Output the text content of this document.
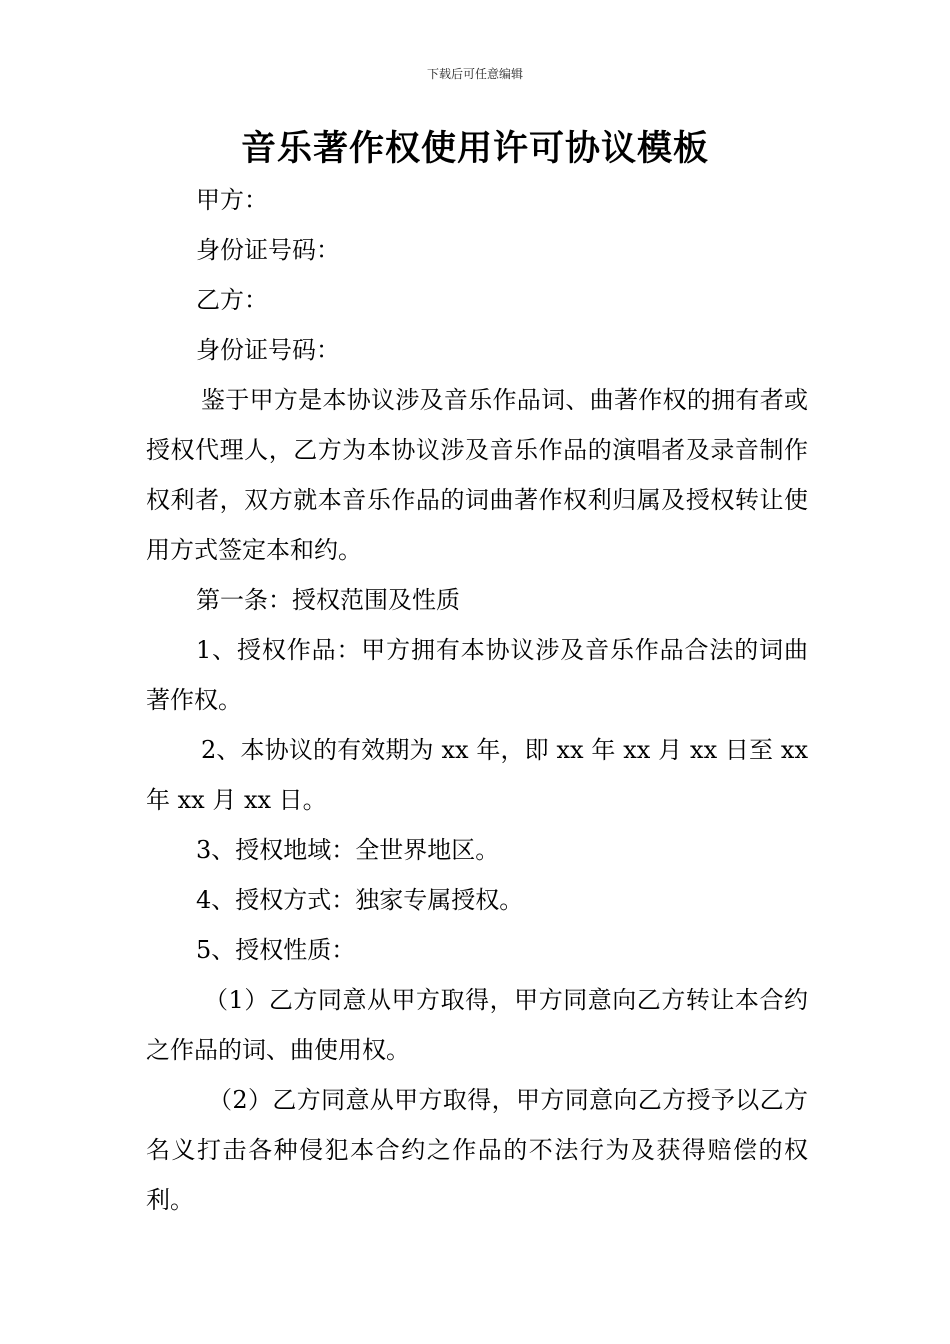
下载后可任意编辑
音乐著作权使用许可协议模板

甲方：

身份证号码：

乙方：

身份证号码：

鉴于甲方是本协议涉及音乐作品词、曲著作权的拥有者或授权代理人，乙方为本协议涉及音乐作品的演唱者及录音制作权利者，双方就本音乐作品的词曲著作权利归属及授权转让使用方式签定本和约。

第一条：授权范围及性质

1、授权作品：甲方拥有本协议涉及音乐作品合法的词曲著作权。

2、本协议的有效期为 xx 年，即 xx 年 xx 月 xx 日至 xx 年 xx 月 xx 日。

3、授权地域：全世界地区。

4、授权方式：独家专属授权。

5、授权性质：

（1）乙方同意从甲方取得，甲方同意向乙方转让本合约之作品的词、曲使用权。

（2）乙方同意从甲方取得，甲方同意向乙方授予以乙方名义打击各种侵犯本合约之作品的不法行为及获得赔偿的权利。
